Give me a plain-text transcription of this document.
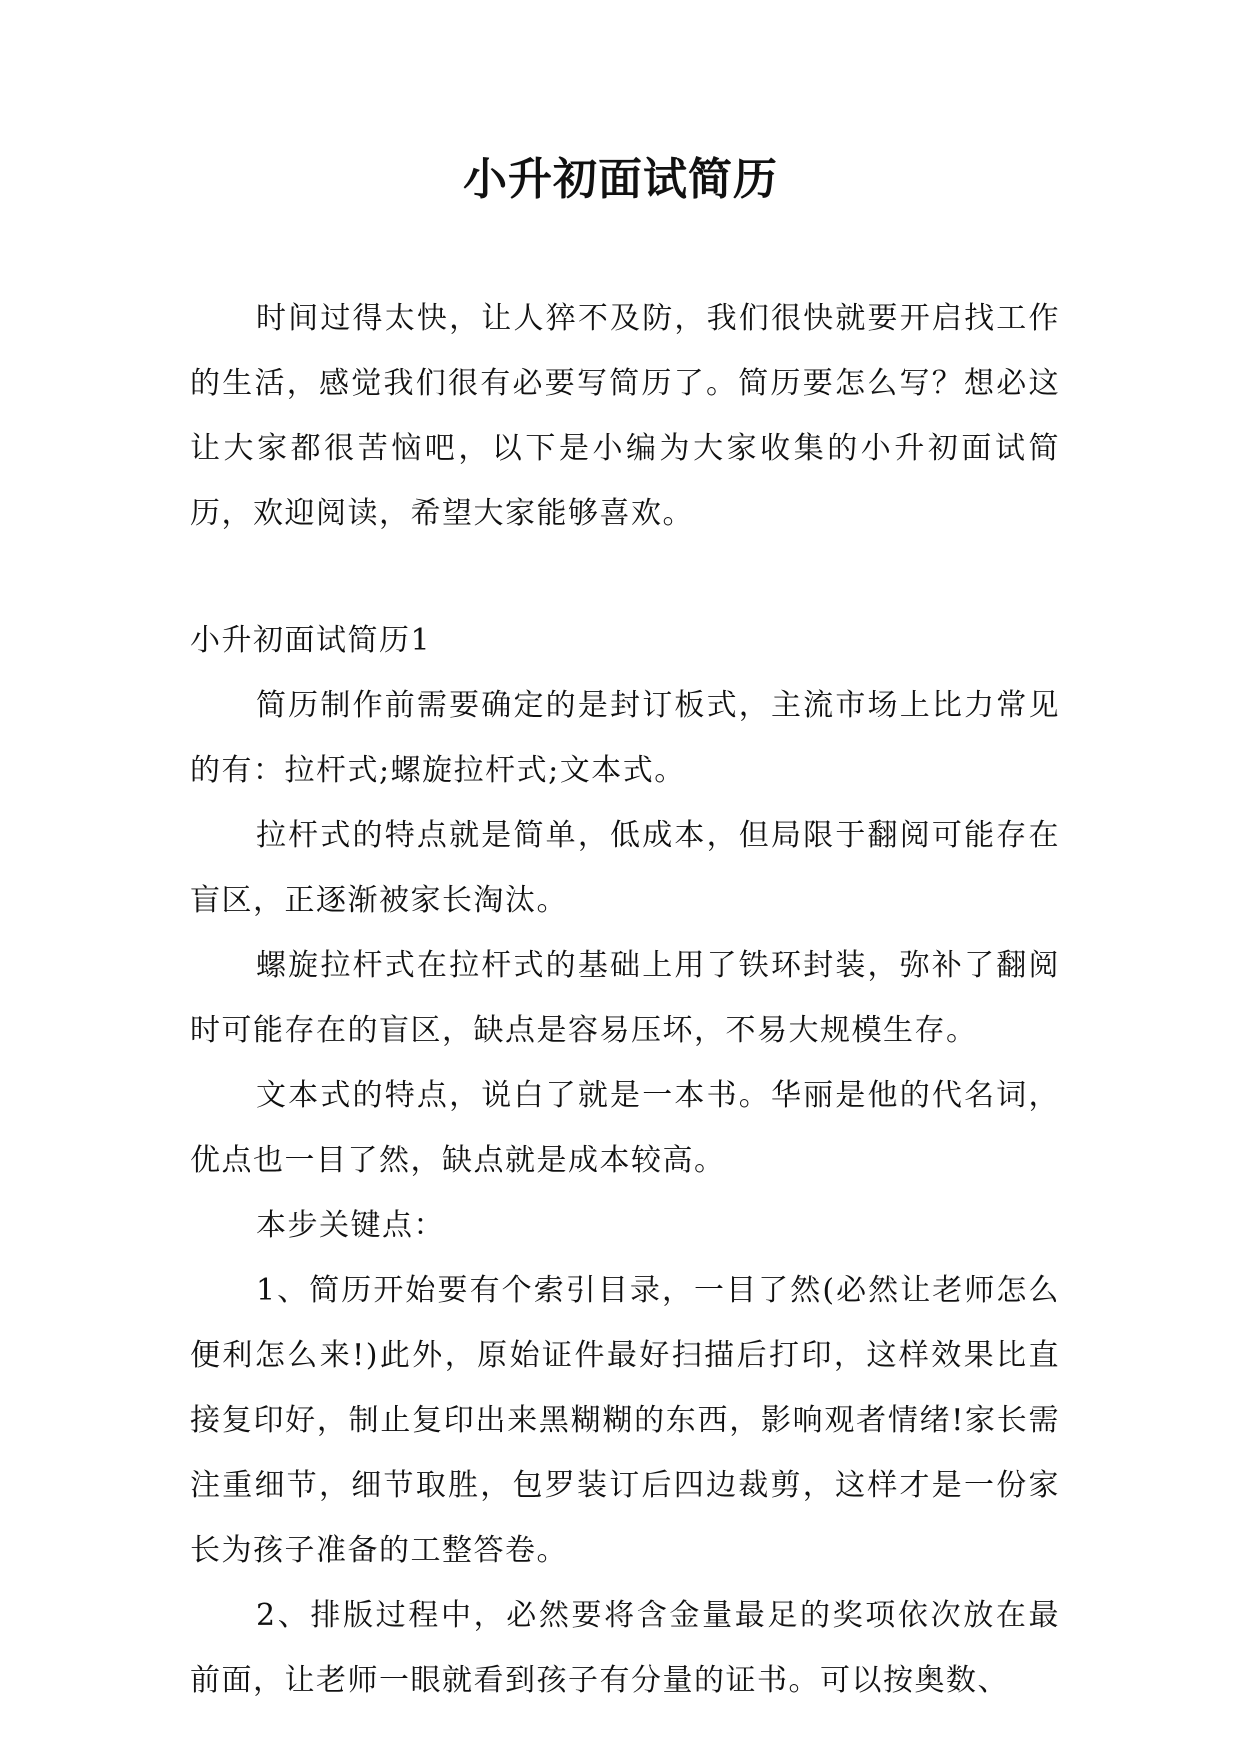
小升初面试简历

时间过得太快，让人猝不及防，我们很快就要开启找工作的生活，感觉我们很有必要写简历了。简历要怎么写？想必这让大家都很苦恼吧，以下是小编为大家收集的小升初面试简历，欢迎阅读，希望大家能够喜欢。

小升初面试简历1

简历制作前需要确定的是封订板式，主流市场上比力常见的有：拉杆式;螺旋拉杆式;文本式。

拉杆式的特点就是简单，低成本，但局限于翻阅可能存在盲区，正逐渐被家长淘汰。

螺旋拉杆式在拉杆式的基础上用了铁环封装，弥补了翻阅时可能存在的盲区，缺点是容易压坏，不易大规模生存。

文本式的特点，说白了就是一本书。华丽是他的代名词，优点也一目了然，缺点就是成本较高。

本步关键点：

1、简历开始要有个索引目录，一目了然(必然让老师怎么便利怎么来!)此外，原始证件最好扫描后打印，这样效果比直接复印好，制止复印出来黑糊糊的东西，影响观者情绪!家长需注重细节，细节取胜，包罗装订后四边裁剪，这样才是一份家长为孩子准备的工整答卷。

2、排版过程中，必然要将含金量最足的奖项依次放在最前面，让老师一眼就看到孩子有分量的证书。可以按奥数、
